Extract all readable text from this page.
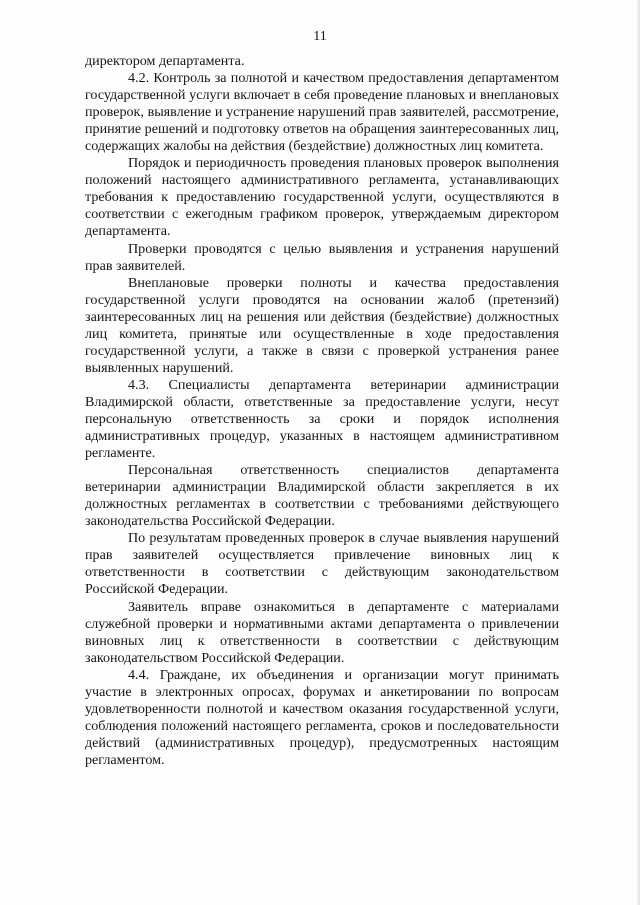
11

директором департамента.

4.2. Контроль за полнотой и качеством предоставления департаментом государственной услуги включает в себя проведение плановых и внеплановых проверок, выявление и устранение нарушений прав заявителей, рассмотрение, принятие решений и подготовку ответов на обращения заинтересованных лиц, содержащих жалобы на действия (бездействие) должностных лиц комитета.

Порядок и периодичность проведения плановых проверок выполнения положений настоящего административного регламента, устанавливающих требования к предоставлению государственной услуги, осуществляются в соответствии с ежегодным графиком проверок, утверждаемым директором департамента.

Проверки проводятся с целью выявления и устранения нарушений прав заявителей.

Внеплановые проверки полноты и качества предоставления государственной услуги проводятся на основании жалоб (претензий) заинтересованных лиц на решения или действия (бездействие) должностных лиц комитета, принятые или осуществленные в ходе предоставления государственной услуги, а также в связи с проверкой устранения ранее выявленных нарушений.

4.3. Специалисты департамента ветеринарии администрации Владимирской области, ответственные за предоставление услуги, несут персональную ответственность за сроки и порядок исполнения административных процедур, указанных в настоящем административном регламенте.

Персональная ответственность специалистов департамента ветеринарии администрации Владимирской области закрепляется в их должностных регламентах в соответствии с требованиями действующего законодательства Российской Федерации.

По результатам проведенных проверок в случае выявления нарушений прав заявителей осуществляется привлечение виновных лиц к ответственности в соответствии с действующим законодательством Российской Федерации.

Заявитель вправе ознакомиться в департаменте с материалами служебной проверки и нормативными актами департамента о привлечении виновных лиц к ответственности в соответствии с действующим законодательством Российской Федерации.

4.4. Граждане, их объединения и организации могут принимать участие в электронных опросах, форумах и анкетировании по вопросам удовлетворенности полнотой и качеством оказания государственной услуги, соблюдения положений настоящего регламента, сроков и последовательности действий (административных процедур), предусмотренных настоящим регламентом.
